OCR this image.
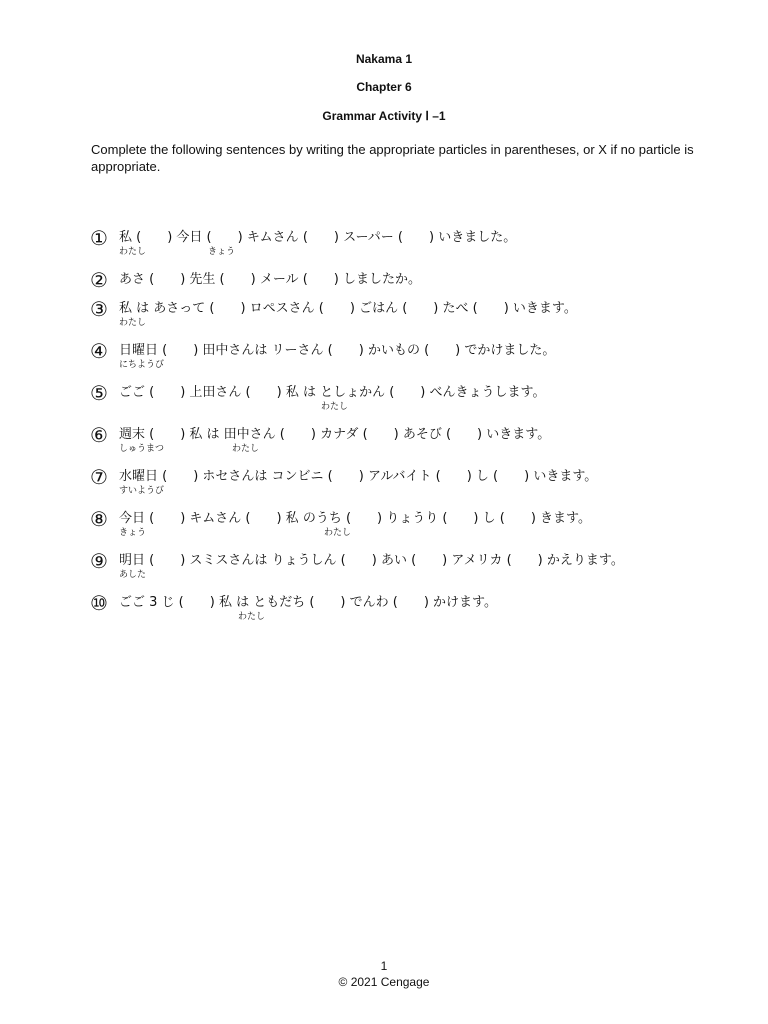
Nakama 1
Chapter 6
Grammar Activity Ⅰ –1
Complete the following sentences by writing the appropriate particles in parentheses, or X if no particle is appropriate.
① 私 (　　) 今日 (　　) キムさん (　　) スーパー (　　) いきました。
わたし	きょう
② あさ (　　) 先生 (　　) メール (　　) しましたか。
③ 私 は あさって (　　) ロペスさん (　　) ごはん (　　) たべ (　　) いきます。
わたし
④ 日曜日 (　　) 田中さんは リーさん (　　) かいもの (　　) でかけました。
にちようび
⑤ ごご (　　) 上田さん (　　) 私 は としょかん (　　) べんきょうします。
わたし
⑥ 週末 (　　) 私 は 田中さん (　　) カナダ (　　) あそび (　　) いきます。
しゅうまつ	わたし
⑦ 水曜日 (　　) ホセさんは コンビニ (　　) アルバイト (　　) し (　　) いきます。
すいようび
⑧ 今日 (　　) キムさん (　　) 私 のうち (　　) りょうり (　　) し (　　) きます。
きょう	わたし
⑨ 明日 (　　) スミスさんは りょうしん (　　) あい (　　) アメリカ (　　) かえります。
あした
⑩ ごご 3 じ (　　) 私 は ともだち (　　) でんわ (　　) かけます。
わたし
1
© 2021 Cengage
